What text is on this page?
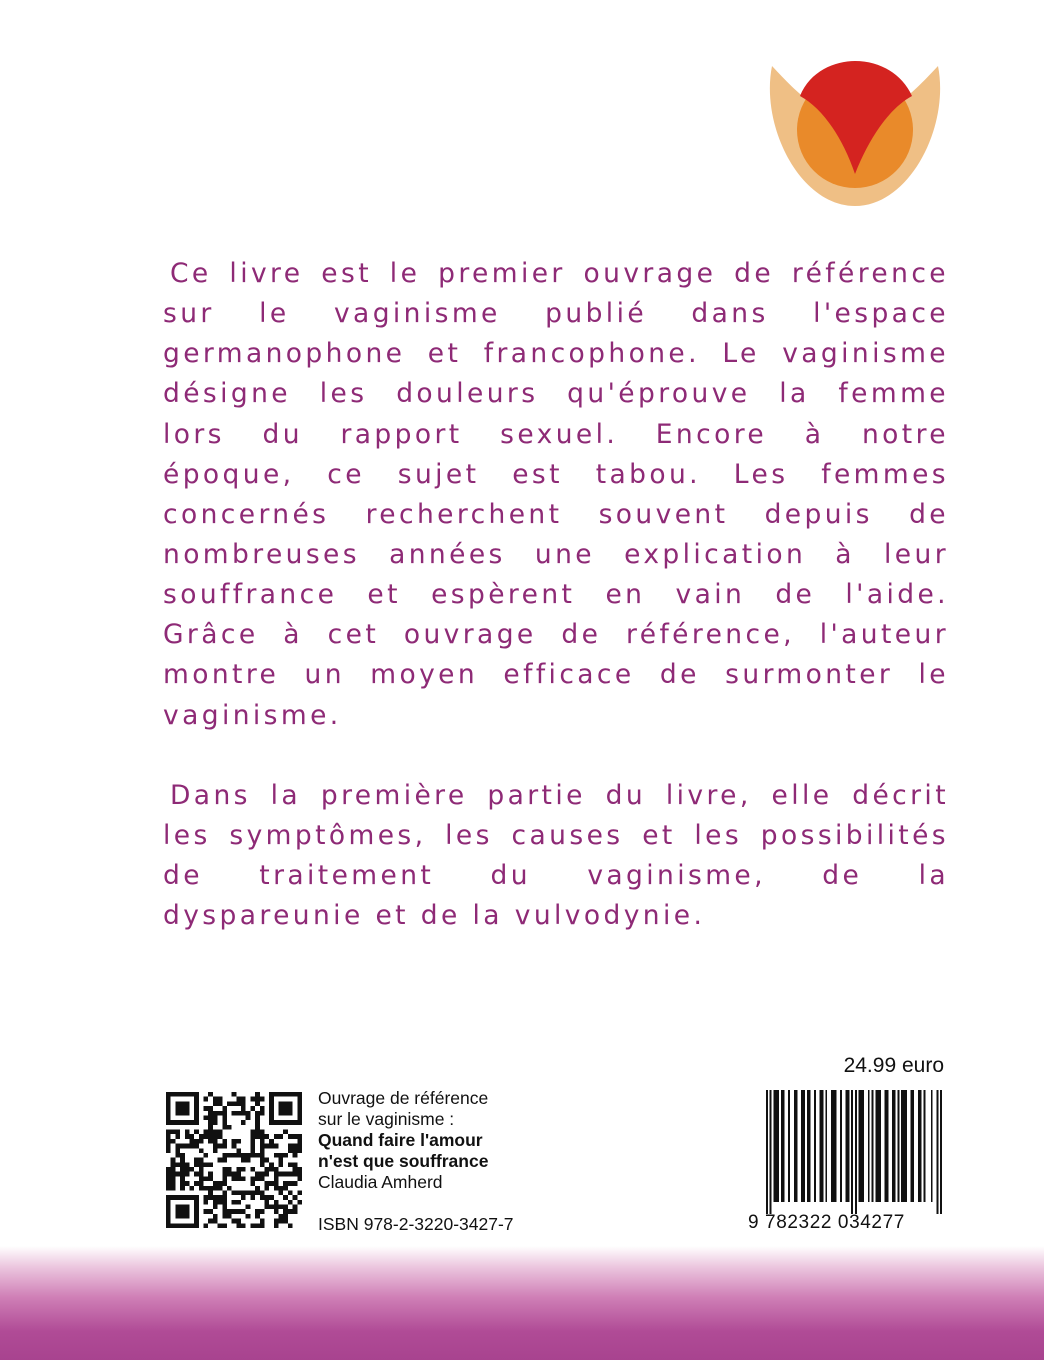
Ce livre est le premier ouvrage de référence
sur le vaginisme publié dans l'espace
germanophone et francophone. Le vaginisme
désigne les douleurs qu'éprouve la femme
lors du rapport sexuel. Encore à notre
époque, ce sujet est tabou. Les femmes
concernés recherchent souvent depuis de
nombreuses années une explication à leur
souffrance et espèrent en vain de l'aide.
Grâce à cet ouvrage de référence, l'auteur
montre un moyen efficace de surmonter le
vaginisme.
Dans la première partie du livre, elle décrit
les symptômes, les causes et les possibilités
de traitement du vaginisme, de la
dyspareunie et de la vulvodynie.
24.99 euro
Ouvrage de référence
sur le vaginisme :
Quand faire l'amour
n'est que souffrance
Claudia Amherd
ISBN 978-2-3220-3427-7	9 782322 034277
